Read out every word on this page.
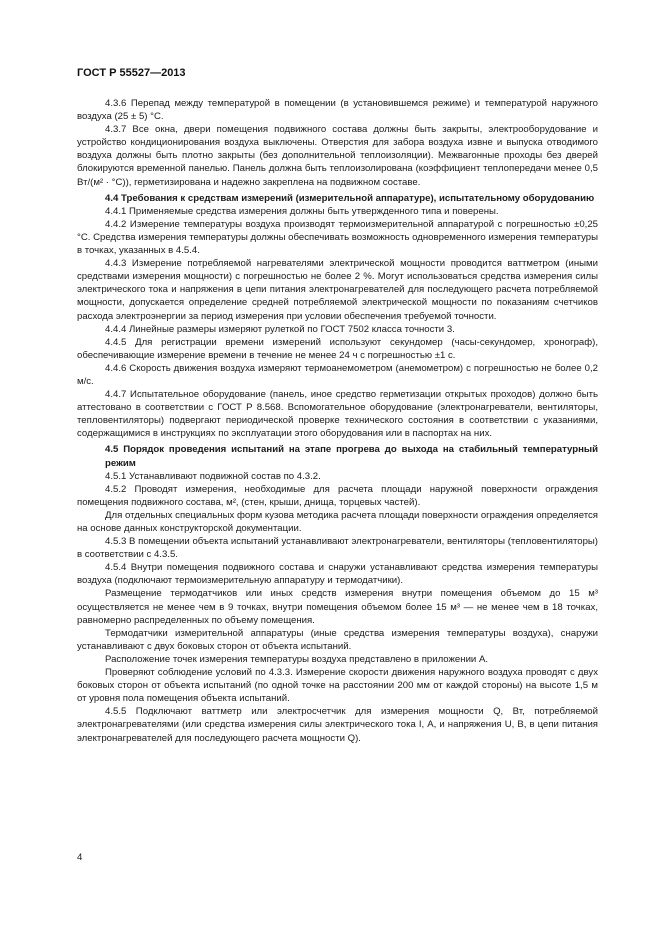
ГОСТ Р 55527—2013

4.3.6 Перепад между температурой в помещении (в установившемся режиме) и температурой наружного воздуха (25 ± 5) °С.

4.3.7 Все окна, двери помещения подвижного состава должны быть закрыты, электрооборудование и устройство кондиционирования воздуха выключены. Отверстия для забора воздуха извне и выпуска отводимого воздуха должны быть плотно закрыты (без дополнительной теплоизоляции). Межвагонные проходы без дверей блокируются временной панелью. Панель должна быть теплоизолирована (коэффициент теплопередачи менее 0,5 Вт/(м² · °С)), герметизирована и надежно закреплена на подвижном составе.

4.4 Требования к средствам измерений (измерительной аппаратуре), испытательному оборудованию

4.4.1 Применяемые средства измерения должны быть утвержденного типа и поверены.

4.4.2 Измерение температуры воздуха производят термоизмерительной аппаратурой с погрешностью ±0,25 °С. Средства измерения температуры должны обеспечивать возможность одновременного измерения температуры в точках, указанных в 4.5.4.

4.4.3 Измерение потребляемой нагревателями электрической мощности проводится ваттметром (иными средствами измерения мощности) с погрешностью не более 2 %. Могут использоваться средства измерения силы электрического тока и напряжения в цепи питания электронагревателей для последующего расчета потребляемой мощности, допускается определение средней потребляемой электрической мощности по показаниям счетчиков расхода электроэнергии за период измерения при условии обеспечения требуемой точности.

4.4.4 Линейные размеры измеряют рулеткой по ГОСТ 7502 класса точности 3.

4.4.5 Для регистрации времени измерений используют секундомер (часы-секундомер, хронограф), обеспечивающие измерение времени в течение не менее 24 ч с погрешностью ±1 с.

4.4.6 Скорость движения воздуха измеряют термоанемометром (анемометром) с погрешностью не более 0,2 м/с.

4.4.7 Испытательное оборудование (панель, иное средство герметизации открытых проходов) должно быть аттестовано в соответствии с ГОСТ Р 8.568. Вспомогательное оборудование (электронагреватели, вентиляторы, тепловентиляторы) подвергают периодической проверке технического состояния в соответствии с указаниями, содержащимися в инструкциях по эксплуатации этого оборудования или в паспортах на них.

4.5 Порядок проведения испытаний на этапе прогрева до выхода на стабильный температурный режим

4.5.1 Устанавливают подвижной состав по 4.3.2.

4.5.2 Проводят измерения, необходимые для расчета площади наружной поверхности ограждения помещения подвижного состава, м², (стен, крыши, днища, торцевых частей).

Для отдельных специальных форм кузова методика расчета площади поверхности ограждения определяется на основе данных конструкторской документации.

4.5.3 В помещении объекта испытаний устанавливают электронагреватели, вентиляторы (тепловентиляторы) в соответствии с 4.3.5.

4.5.4 Внутри помещения подвижного состава и снаружи устанавливают средства измерения температуры воздуха (подключают термоизмерительную аппаратуру и термодатчики).

Размещение термодатчиков или иных средств измерения внутри помещения объемом до 15 м³ осуществляется не менее чем в 9 точках, внутри помещения объемом более 15 м³ — не менее чем в 18 точках, равномерно распределенных по объему помещения.

Термодатчики измерительной аппаратуры (иные средства измерения температуры воздуха), снаружи устанавливают с двух боковых сторон от объекта испытаний.

Расположение точек измерения температуры воздуха представлено в приложении А.

Проверяют соблюдение условий по 4.3.3. Измерение скорости движения наружного воздуха проводят с двух боковых сторон от объекта испытаний (по одной точке на расстоянии 200 мм от каждой стороны) на высоте 1,5 м от уровня пола помещения объекта испытаний.

4.5.5 Подключают ваттметр или электросчетчик для измерения мощности Q, Вт, потребляемой электронагревателями (или средства измерения силы электрического тока I, А, и напряжения U, В, в цепи питания электронагревателей для последующего расчета мощности Q).

4
